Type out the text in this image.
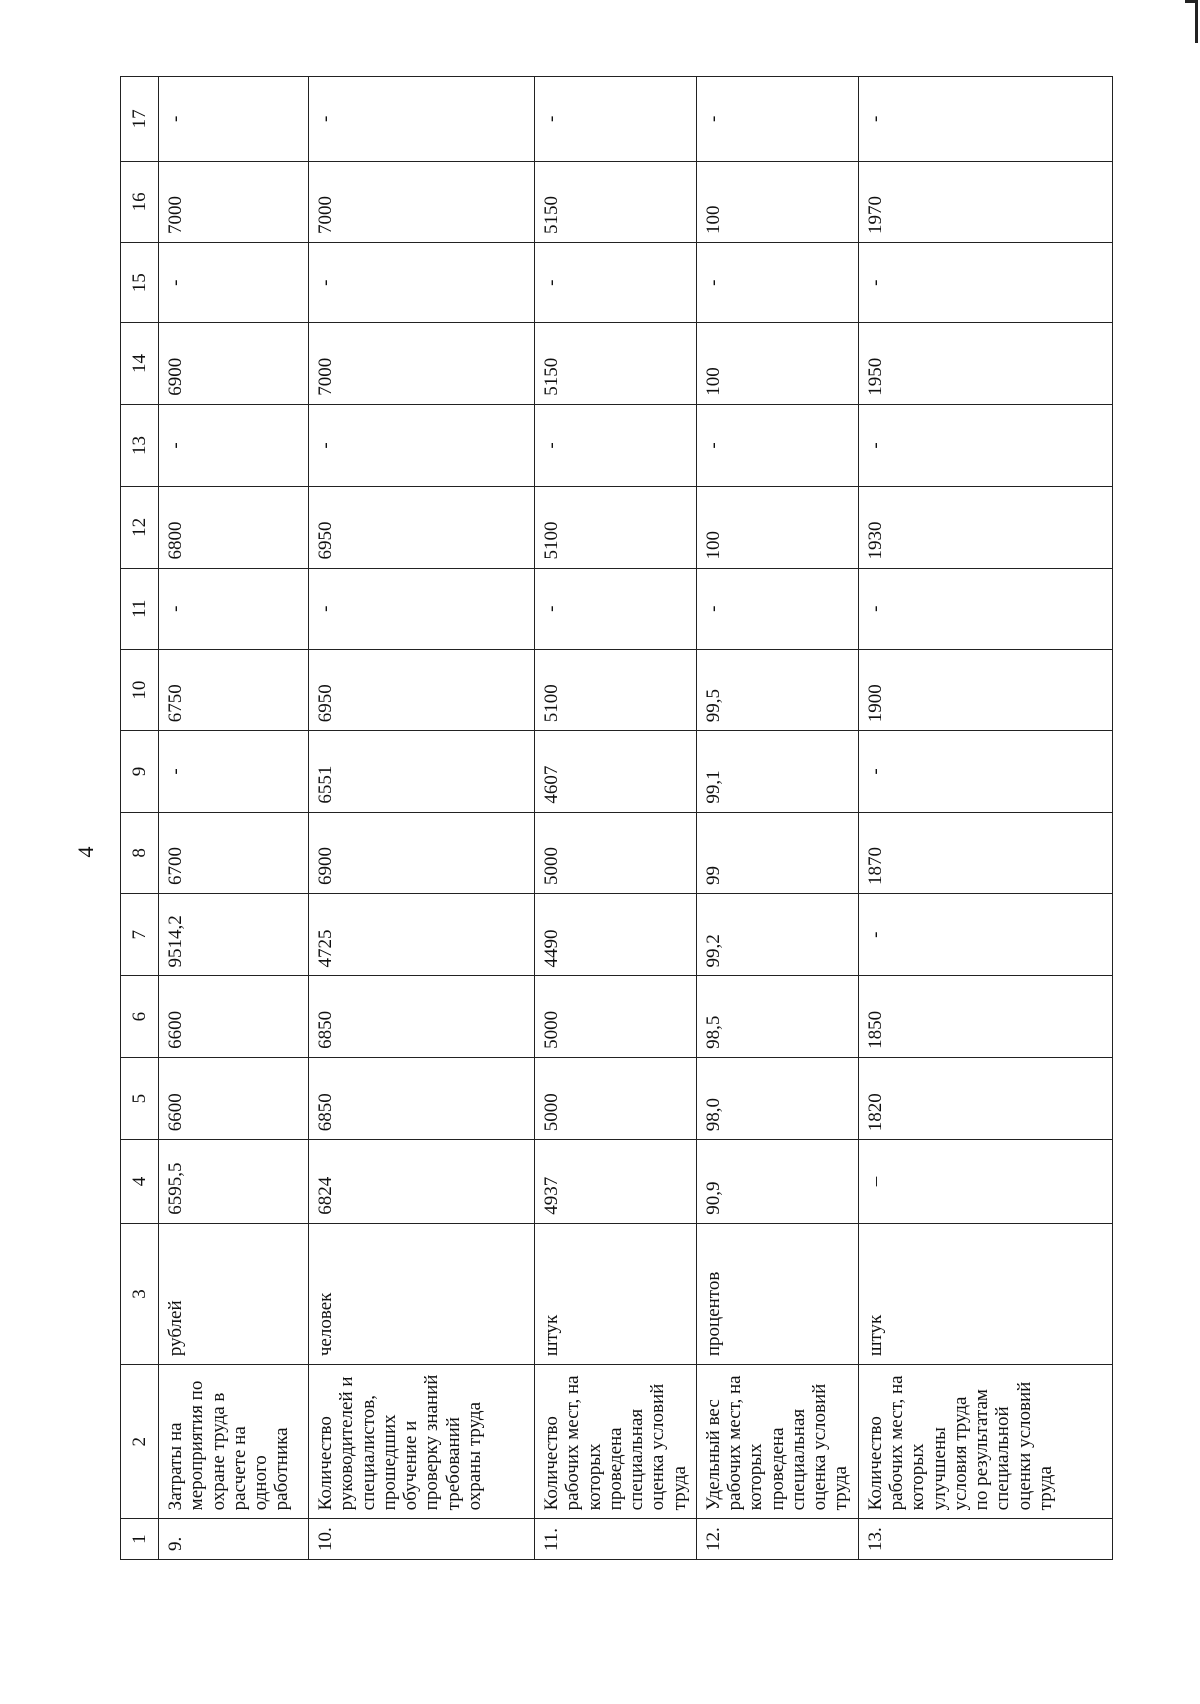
4
1	2	3	4	5	6	7	8	9	10	11	12	13	14	15	16	17
9.	Затраты на мероприятия по охране труда в расчете на одного работника	рублей	6595,5	6600	6600	9514,2	6700	-	6750	-	6800	-	6900	-	7000	-
10.	Количество руководителей и специалистов, прошедших обучение и проверку знаний требований охраны труда	человек	6824	6850	6850	4725	6900	6551	6950	-	6950	-	7000	-	7000	-
11.	Количество рабочих мест, на которых проведена специальная оценка условий труда	штук	4937	5000	5000	4490	5000	4607	5100	-	5100	-	5150	-	5150	-
12.	Удельный вес рабочих мест, на которых проведена специальная оценка условий труда	процентов	90,9	98,0	98,5	99,2	99	99,1	99,5	-	100	-	100	-	100	-
13.	Количество рабочих мест, на которых улучшены условия труда по результатам специальной оценки условий труда	штук	–	1820	1850	-	1870	-	1900	-	1930	-	1950	-	1970	-
